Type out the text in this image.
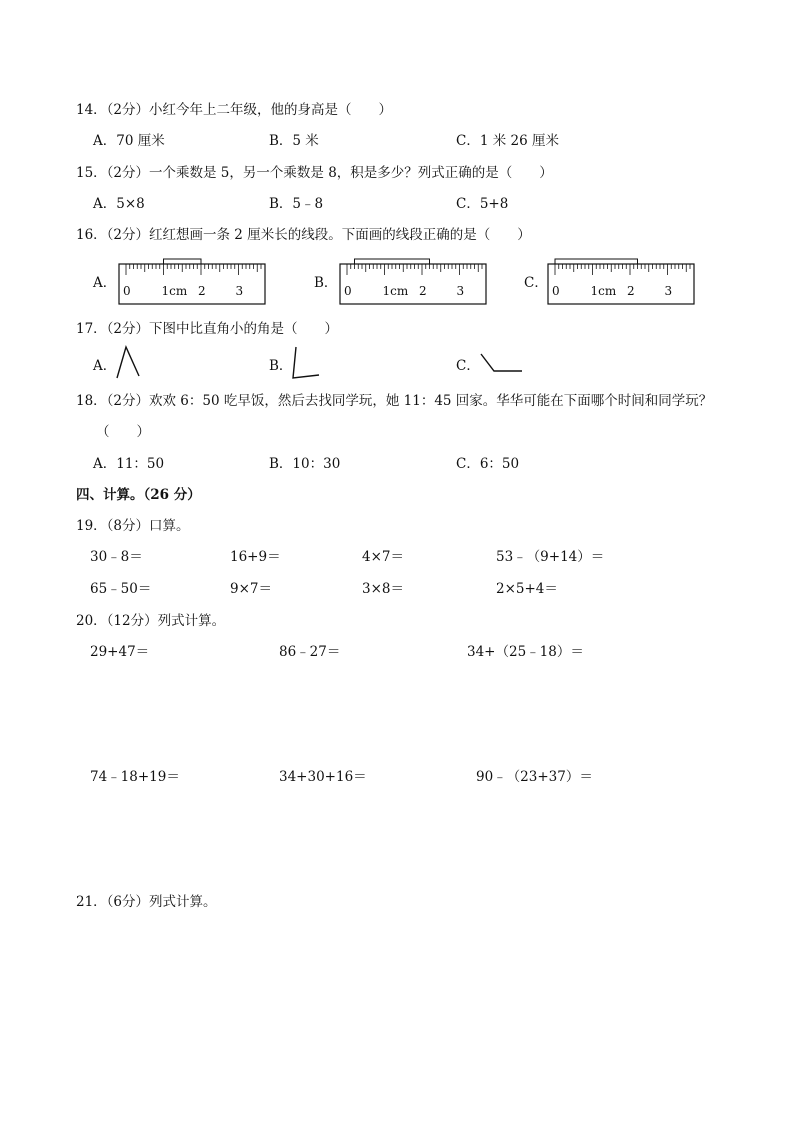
14．（2分）小红今年上二年级，他的身高是（　　）
A．70 厘米	B．5 米	C．1 米 26 厘米
15．（2分）一个乘数是 5，另一个乘数是 8，积是多少？列式正确的是（　　）
A．5×8	B．5﹣8	C．5+8
16．（2分）红红想画一条 2 厘米长的线段。下面画的线段正确的是（　　）
A．	B．	C．
0	1cm 2 3	0	1cm 2 3	0	1cm 2 3
17．（2分）下图中比直角小的角是（　　）
A．	B．	C．
18．（2分）欢欢 6：50 吃早饭，然后去找同学玩，她 11：45 回家。华华可能在下面哪个时间和同学玩？
（　　）
A．11：50	B．10：30	C．6：50
四、计算。（26 分）
19．（8分）口算。
30﹣8＝	16+9＝	4×7＝	53﹣（9+14）＝
65﹣50＝	9×7＝	3×8＝	2×5+4＝
20．（12分）列式计算。
29+47＝	86﹣27＝	34+（25﹣18）＝
74﹣18+19＝	34+30+16＝	90﹣（23+37）＝
21．（6分）列式计算。
